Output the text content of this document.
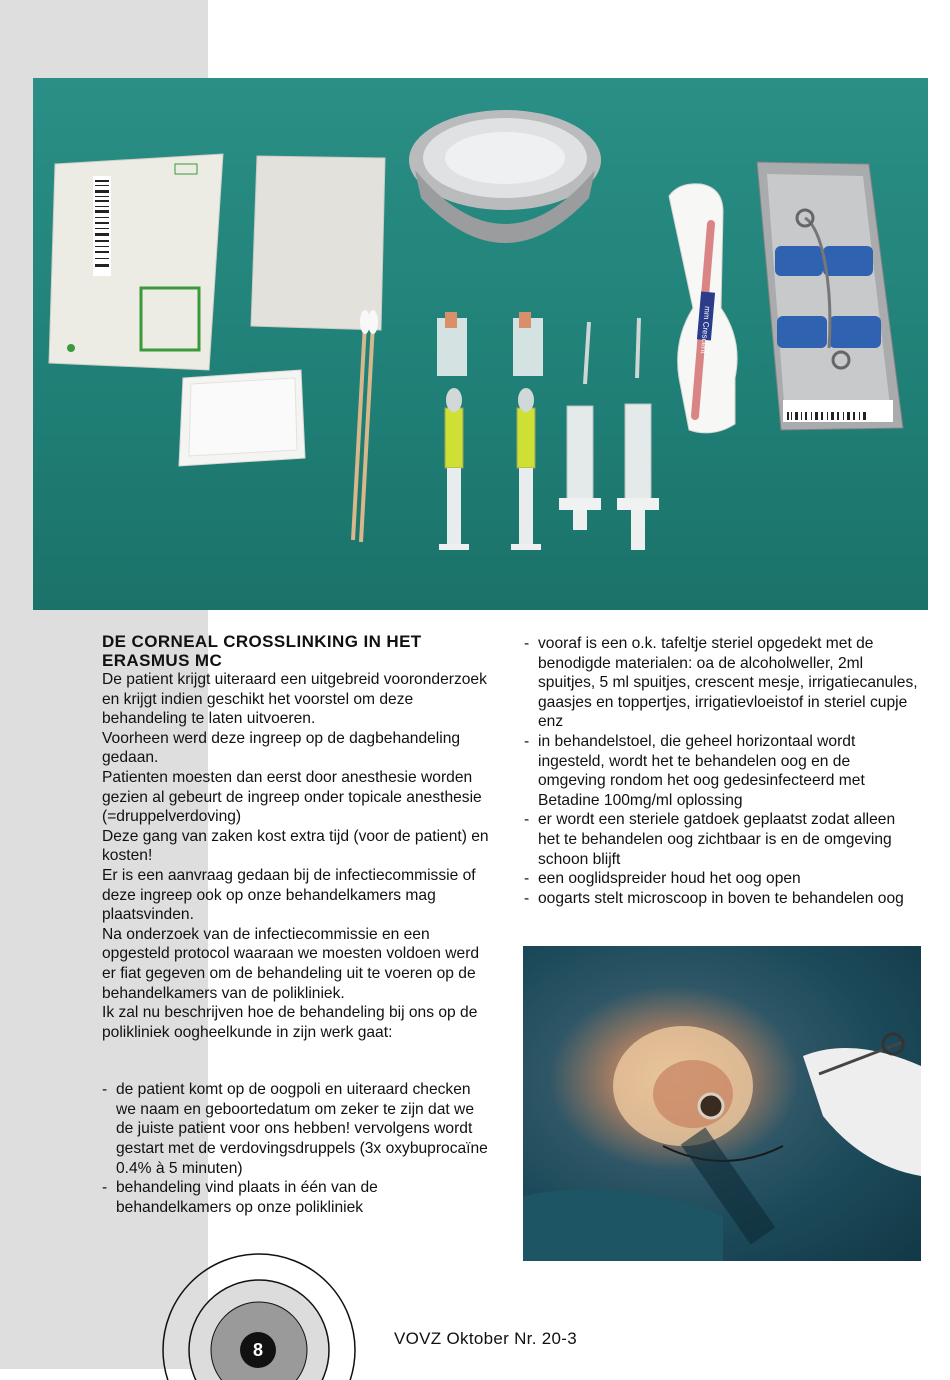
mm Crescent
DE CORNEAL CROSSLINKING IN HET ERASMUS MC

De patient krijgt uiteraard een uitgebreid vooronderzoek en krijgt indien geschikt het voorstel om deze behandeling te laten uitvoeren.

Voorheen werd deze ingreep op de dagbehandeling gedaan.

Patienten moesten dan eerst door anesthesie worden gezien al gebeurt de ingreep onder topicale anesthesie (=druppelverdoving)

Deze gang van zaken kost extra tijd (voor de patient) en kosten!

Er is een aanvraag gedaan bij de infectiecommissie of deze ingreep ook op onze behandelkamers mag plaatsvinden.

Na onderzoek van de infectiecommissie en een opgesteld protocol waaraan we moesten voldoen werd er fiat gegeven om de behandeling uit te voeren op de behandelkamers van de polikliniek.

Ik zal nu beschrijven hoe de behandeling bij ons op de polikliniek oogheelkunde in zijn werk gaat:

- de patient komt op de oogpoli en uiteraard checken we naam en geboortedatum om zeker te zijn dat we de juiste patient voor ons hebben! vervolgens wordt gestart met de verdovingsdruppels (3x oxybuprocaïne 0.4% à 5 minuten)
- behandeling vind plaats in één van de behandelkamers op onze polikliniek
- vooraf is een o.k. tafeltje steriel opgedekt met de benodigde materialen: oa de alcoholweller, 2ml spuitjes, 5 ml spuitjes, crescent mesje, irrigatiecanules, gaasjes en toppertjes, irrigatievloeistof in steriel cupje enz
- in behandelstoel, die geheel horizontaal wordt ingesteld, wordt het te behandelen oog en de omgeving rondom het oog gedesinfecteerd met Betadine 100mg/ml oplossing
- er wordt een steriele gatdoek geplaatst zodat alleen het te behandelen oog zichtbaar is en de omgeving schoon blijft
- een ooglidspreider houd het oog open
- oogarts stelt microscoop in boven te behandelen oog
8
VOVZ Oktober Nr. 20-3
